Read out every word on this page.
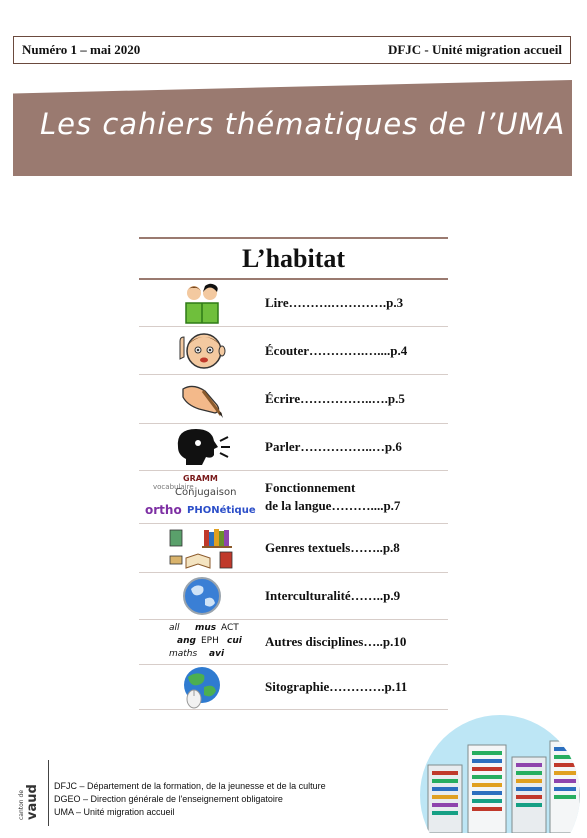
Numéro 1 – mai 2020	DFJC - Unité migration accueil
Les cahiers thématiques de l’UMA
L’habitat
Lire……….………….p.3
Écouter………….…....p.4
Écrire……………..….p.5
Parler……………..…p.6
GRAMM
vocabulaire
Conjugaison
ortho PHONétique
Fonctionnement
de la langue………....p.7
Genres textuels……..p.8
Interculturalité……..p.9
all mus ACT
ang EPH cui
maths avi
Autres disciplines…..p.10
Sitographie………….p.11
canton de vaud DFJC – Département de la formation, de la jeunesse et de la culture
DGEO – Direction générale de l'enseignement obligatoire
UMA – Unité migration accueil
